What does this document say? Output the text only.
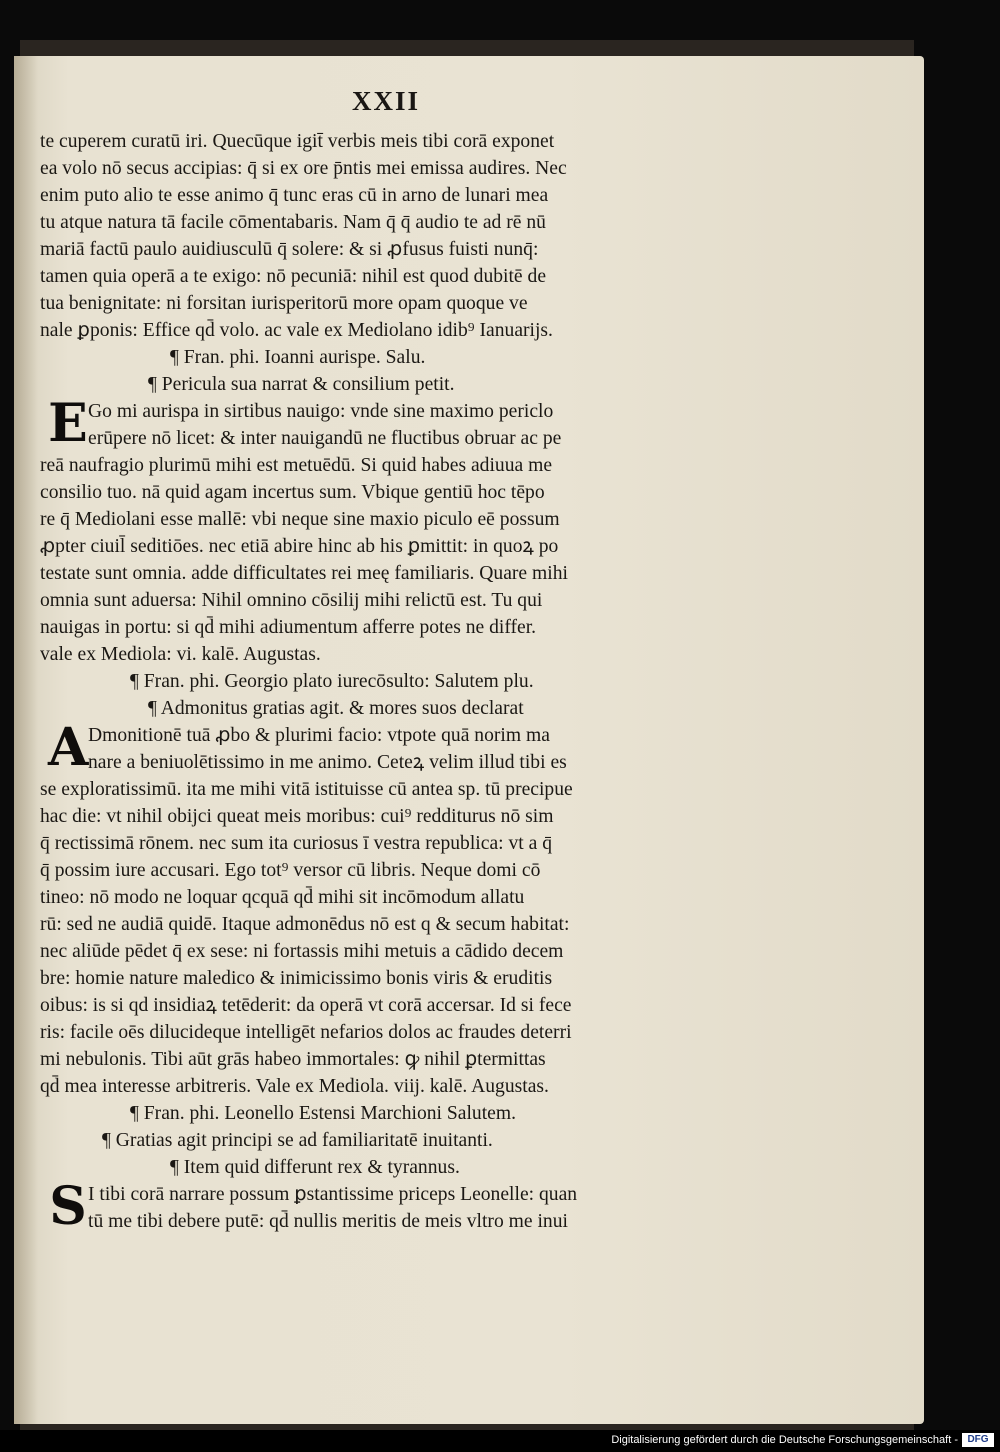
XXII
te cuperem curatū iri. Quecūque igit̄ verbis meis tibi corā exponet
ea volo nō secus accipias: q̄ si ex ore p̄ntis mei emissa audires. Nec
enim puto alio te esse animo q̄ tunc eras cū in arno de lunari mea
tu atque natura tā facile cōmentabaris. Nam q̄ q̄ audio te ad rē nū
mariā factū paulo auidiusculū q̄ solere: & si ꝓfusus fuisti nunq̄:
tamen quia operā a te exigo: nō pecuniā: nihil est quod dubitē de
tua benignitate: ni forsitan iurisperitorū more opam quoque ve
nale ꝑponis: Effice qd̄ volo. ac vale ex Mediolano idib⁹ Ianuarijs.
¶ Fran. phi. Ioanni aurispe. Salu.
¶ Pericula sua narrat & consilium petit.
E Go mi aurispa in sirtibus nauigo: vnde sine maximo periclo
erūpere nō licet: & inter nauigandū ne fluctibus obruar ac pe
reā naufragio plurimū mihi est metuēdū. Si quid habes adiuua me
consilio tuo. nā quid agam incertus sum. Vbique gentiū hoc tēpo
re q̄ Mediolani esse mallē: vbi neque sine maxio piculo eē possum
ꝓpter ciuil̄ seditiōes. nec etiā abire hinc ab his ꝑmittit: in quoꝝ po
testate sunt omnia. adde difficultates rei meę familiaris. Quare mihi
omnia sunt aduersa: Nihil omnino cōsilij mihi relictū est. Tu qui
nauigas in portu: si qd̄ mihi adiumentum afferre potes ne differ.
vale ex Mediola: vi. kalē. Augustas.
¶ Fran. phi. Georgio plato iurecōsulto: Salutem plu.
¶ Admonitus gratias agit. & mores suos declarat
A Dmonitionē tuā ꝓbo & plurimi facio: vtpote quā norim ma
nare a beniuolētissimo in me animo. Ceteꝝ velim illud tibi es
se exploratissimū. ita me mihi vitā istituisse cū antea sp. tū precipue
hac die: vt nihil obijci queat meis moribus: cui⁹ redditurus nō sim
q̄ rectissimā rōnem. nec sum ita curiosus ī vestra republica: vt a q̄
q̄ possim iure accusari. Ego tot⁹ versor cū libris. Neque domi cō
tineo: nō modo ne loquar qcquā qd̄ mihi sit incōmodum allatu
rū: sed ne audiā quidē. Itaque admonēdus nō est q & secum habitat:
nec aliūde pēdet q̄ ex sese: ni fortassis mihi metuis a cādido decem
bre: homie nature maledico & inimicissimo bonis viris & eruditis
oibus: is si qd insidiaꝝ tetēderit: da operā vt corā accersar. Id si fece
ris: facile oēs dilucideque intelligēt nefarios dolos ac fraudes deterri
mi nebulonis. Tibi aūt grās habeo immortales: ꝙ nihil ꝑtermittas
qd̄ mea interesse arbitreris. Vale ex Mediola. viij. kalē. Augustas.
¶ Fran. phi. Leonello Estensi Marchioni Salutem.
¶ Gratias agit principi se ad familiaritatē inuitanti.
¶ Item quid differunt rex & tyrannus.
S I tibi corā narrare possum ꝑstantissime priceps Leonelle: quan
tū me tibi debere putē: qd̄ nullis meritis de meis vltro me inui
Digitalisierung gefördert durch die Deutsche Forschungsgemeinschaft - DFG
